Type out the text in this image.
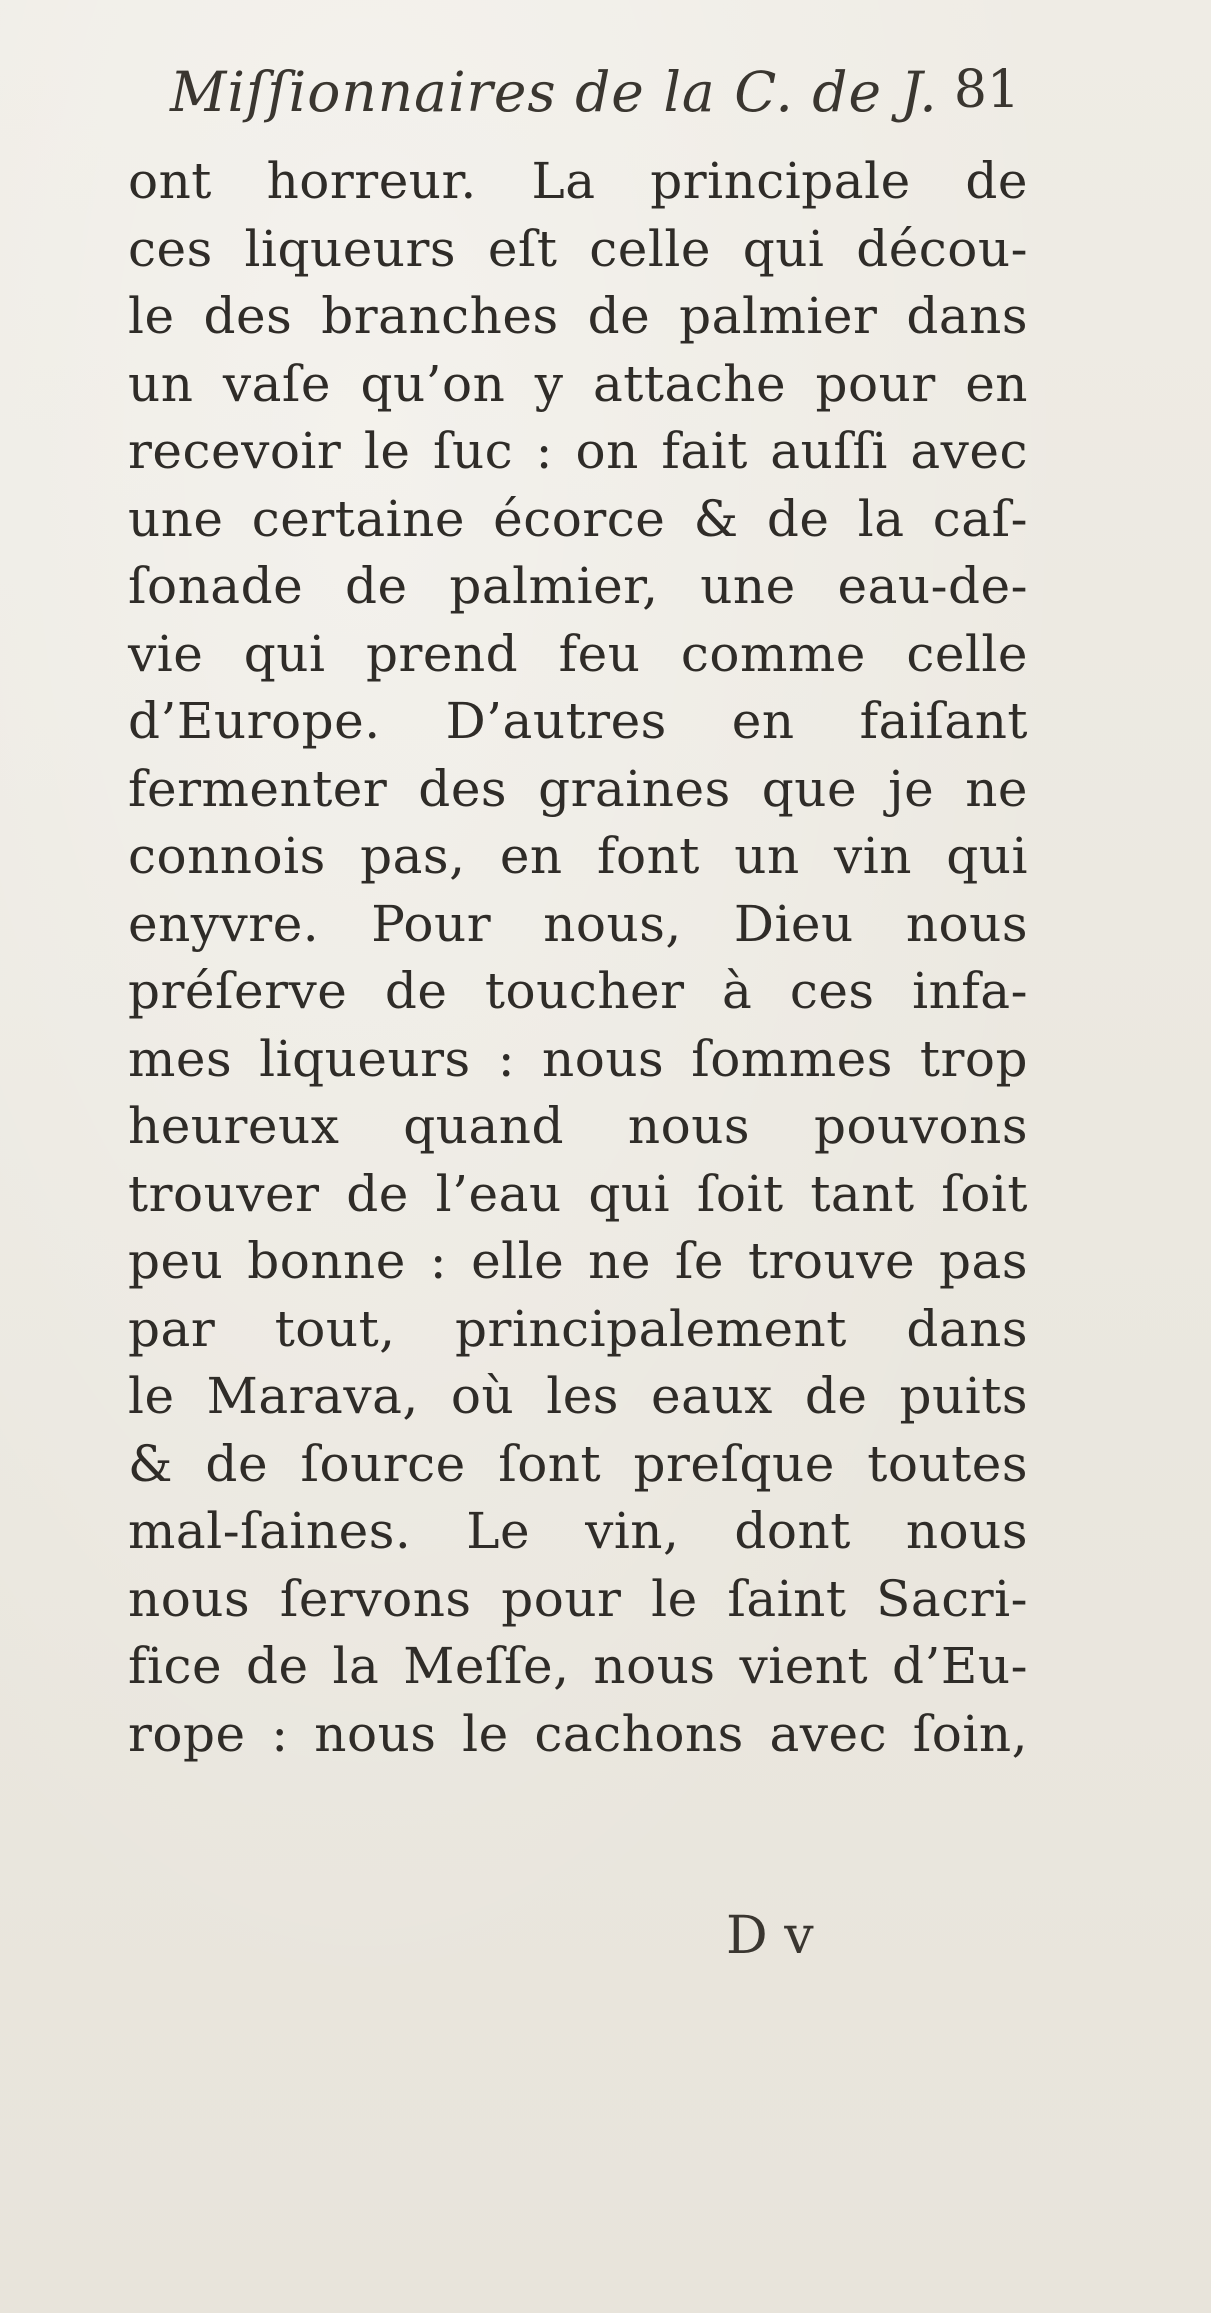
Miſſionnaires de la C. de J. 81
ont horreur. La principale de
ces liqueurs eſt celle qui décou-
le des branches de palmier dans
un vaſe qu’on y attache pour en
recevoir le ſuc : on fait auſſi avec
une certaine écorce & de la caſ-
ſonade de palmier, une eau-de-
vie qui prend feu comme celle
d’Europe. D’autres en faiſant
fermenter des graines que je ne
connois pas, en font un vin qui
enyvre. Pour nous, Dieu nous
préſerve de toucher à ces infa-
mes liqueurs : nous ſommes trop
heureux quand nous pouvons
trouver de l’eau qui ſoit tant ſoit
peu bonne : elle ne ſe trouve pas
par tout, principalement dans
le Marava, où les eaux de puits
& de ſource ſont preſque toutes
mal-ſaines. Le vin, dont nous
nous ſervons pour le ſaint Sacri-
fice de la Meſſe, nous vient d’Eu-
rope : nous le cachons avec ſoin,
D v
